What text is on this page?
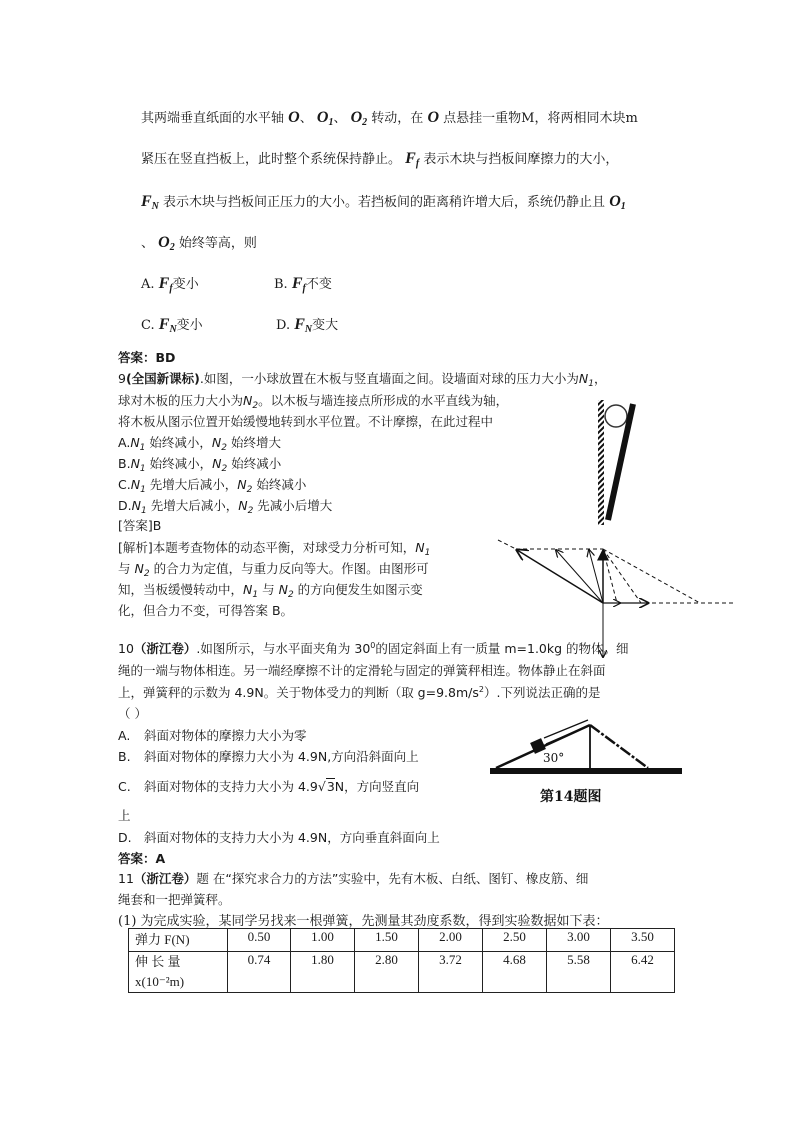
其两端垂直纸面的水平轴 O、 $O_1$、 $O_2$ 转动，在 O 点悬挂一重物M，将两相同木块m
紧压在竖直挡板上，此时整个系统保持静止。 $F_f$ 表示木块与挡板间摩擦力的大小，
$F_N$ 表示木块与挡板间正压力的大小。若挡板间的距离稍许增大后，系统仍静止且 $O_1$
、 $O_2$ 始终等高，则
A. $F_f$变小	B. $F_f$不变
C. $F_N$变小	D. $F_N$变大
答案：BD
9(全国新课标).如图，一小球放置在木板与竖直墙面之间。设墙面对球的压力大小为$N_1$，
球对木板的压力大小为$N_2$。以木板与墙连接点所形成的水平直线为轴，
将木板从图示位置开始缓慢地转到水平位置。不计摩擦，在此过程中
$A.N_1$ 始终减小，$N_2$ 始终增大
$B.N_1$ 始终减小，$N_2$ 始终减小
$C.N_1$ 先增大后减小，$N_2$ 始终减小
$D.N_1$ 先增大后减小，$N_2$ 先减小后增大
[答案]B
[解析]本题考查物体的动态平衡，对球受力分析可知，$N_1$
与 $N_2$ 的合力为定值，与重力反向等大。作图。由图形可
知，当板缓慢转动中，$N_1$ 与 $N_2$ 的方向便发生如图示变
化，但合力不变，可得答案 B。
10（浙江卷）.如图所示，与水平面夹角为 $30^0$的固定斜面上有一质量 m=1.0kg 的物体。细
绳的一端与物体相连。另一端经摩擦不计的定滑轮与固定的弹簧秤相连。物体静止在斜面
上，弹簧秤的示数为 4.9N。关于物体受力的判断（取 $g=9.8m/s^2$）.下列说法正确的是
（ ）
A. 斜面对物体的摩擦力大小为零
B. 斜面对物体的摩擦力大小为 4.9N,方向沿斜面向上
C. 斜面对物体的支持力大小为 4.9√3N，方向竖直向
上
D. 斜面对物体的支持力大小为 4.9N，方向垂直斜面向上
答案：A
30°
第14题图
11（浙江卷）题 在“探究求合力的方法”实验中，先有木板、白纸、图钉、橡皮筋、细
绳套和一把弹簧秤。
(1) 为完成实验，某同学另找来一根弹簧，先测量其劲度系数，得到实验数据如下表：
弹力 F(N)	0.50	1.00	1.50	2.00	2.50	3.00	3.50
伸 长 量 x(10⁻²m)	0.74	1.80	2.80	3.72	4.68	5.58	6.42
